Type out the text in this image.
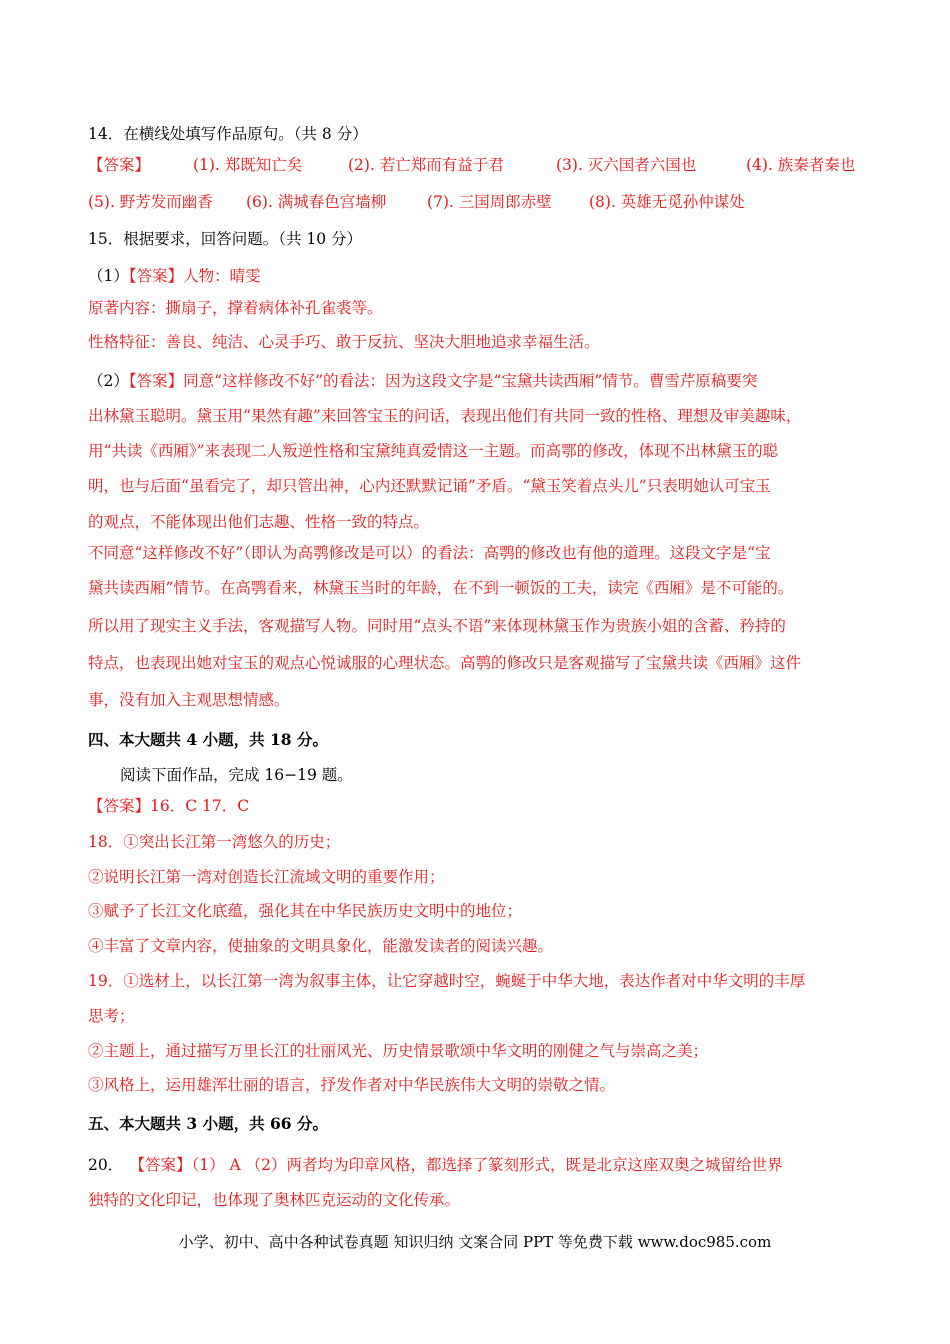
14．在横线处填写作品原句。（共 8 分）
【答案】	(1). 郑既知亡矣	(2). 若亡郑而有益于君	(3). 灭六国者六国也	(4). 族秦者秦也
(5). 野芳发而幽香 (6). 满城春色宫墙柳	(7). 三国周郎赤壁 (8). 英雄无觅孙仲谋处
15．根据要求，回答问题。（共 10 分）
（1）【答案】人物：晴雯
原著内容：撕扇子，撑着病体补孔雀裘等。
性格特征：善良、纯洁、心灵手巧、敢于反抗、坚决大胆地追求幸福生活。
（2）【答案】同意“这样修改不好”的看法：因为这段文字是“宝黛共读西厢”情节。曹雪芹原稿要突
出林黛玉聪明。黛玉用“果然有趣”来回答宝玉的问话，表现出他们有共同一致的性格、理想及审美趣味，
用“共读《西厢》”来表现二人叛逆性格和宝黛纯真爱情这一主题。而高鄂的修改，体现不出林黛玉的聪
明，也与后面“虽看完了，却只管出神，心内还默默记诵”矛盾。“黛玉笑着点头儿”只表明她认可宝玉
的观点，不能体现出他们志趣、性格一致的特点。
不同意“这样修改不好”（即认为高鹗修改是可以）的看法：高鹗的修改也有他的道理。这段文字是“宝
黛共读西厢”情节。在高鹗看来，林黛玉当时的年龄，在不到一顿饭的工夫，读完《西厢》是不可能的。
所以用了现实主义手法，客观描写人物。同时用“点头不语”来体现林黛玉作为贵族小姐的含蓄、矜持的
特点，也表现出她对宝玉的观点心悦诚服的心理状态。高鹗的修改只是客观描写了宝黛共读《西厢》这件
事，没有加入主观思想情感。
四、本大题共 4 小题，共 18 分。
阅读下面作品，完成 16−19 题。
【答案】16．C 17．C
18．①突出长江第一湾悠久的历史；
②说明长江第一湾对创造长江流域文明的重要作用；
③赋予了长江文化底蕴，强化其在中华民族历史文明中的地位；
④丰富了文章内容，使抽象的文明具象化，能激发读者的阅读兴趣。
19．①选材上，以长江第一湾为叙事主体，让它穿越时空，蜿蜒于中华大地，表达作者对中华文明的丰厚
思考；
②主题上，通过描写万里长江的壮丽风光、历史情景歌颂中华文明的刚健之气与崇高之美；
③风格上，运用雄浑壮丽的语言，抒发作者对中华民族伟大文明的崇敬之情。
五、本大题共 3 小题，共 66 分。
20． 【答案】（1） A （2）两者均为印章风格，都选择了篆刻形式，既是北京这座双奥之城留给世界
独特的文化印记，也体现了奥林匹克运动的文化传承。
小学、初中、高中各种试卷真题 知识归纳 文案合同 PPT 等免费下载 www.doc985.com
